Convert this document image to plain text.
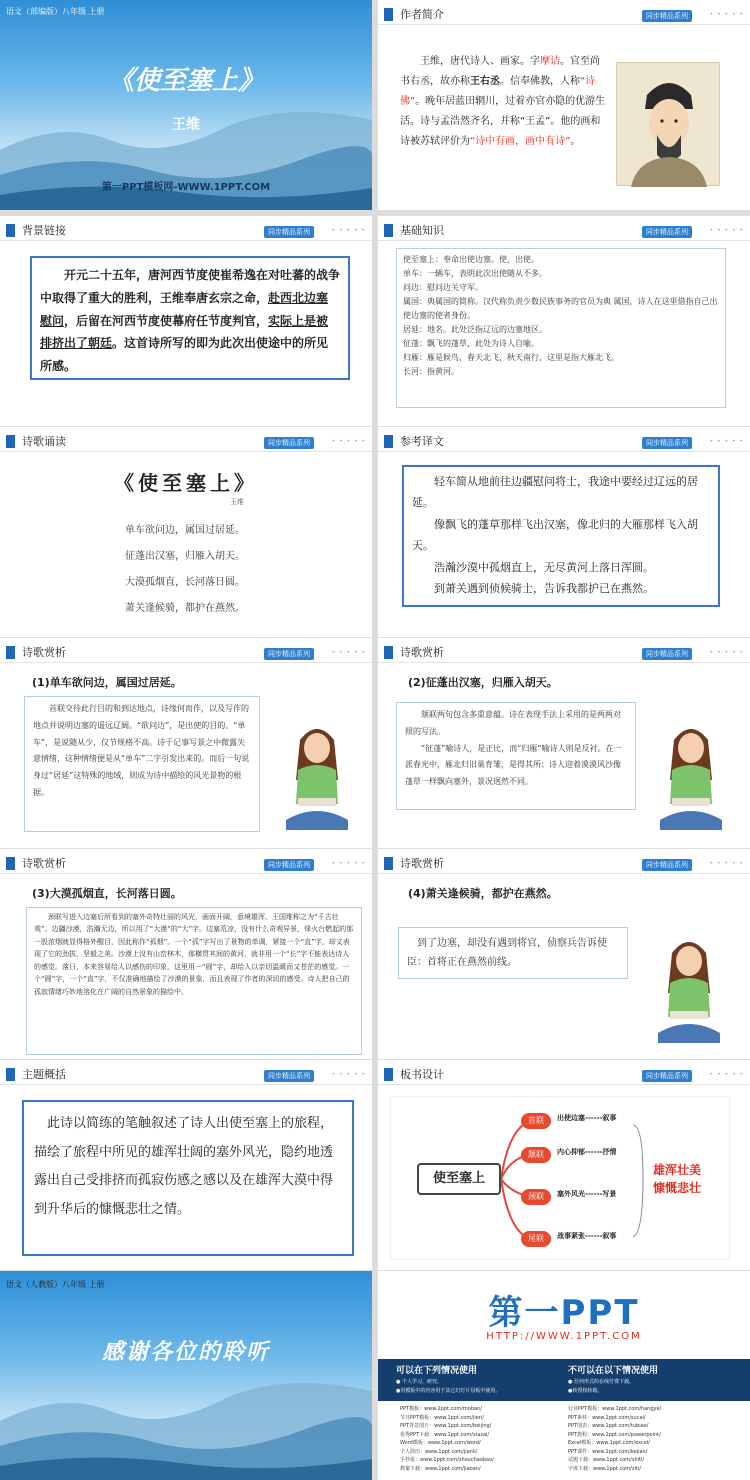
语文（部编版）八年级 上册
《使至塞上》
王维
第一PPT模板网-WWW.1PPT.COM
作者简介	同步精品系列	• • • • •
王维，唐代诗人、画家。字摩诘。官至尚书右丞，故亦称王右丞。信奉佛教，人称“诗佛”。晚年居蓝田辋川，过着亦官亦隐的优游生活。诗与孟浩然齐名，并称“王孟”。他的画和诗被苏轼评价为“诗中有画，画中有诗”。
背景链接	同步精品系列	• • • • •
开元二十五年，唐河西节度使崔希逸在对吐蕃的战争中取得了重大的胜利，王维奉唐玄宗之命，赴西北边塞慰问，后留在河西节度使幕府任节度判官，实际上是被排挤出了朝廷。这首诗所写的即为此次出使途中的所见所感。
基础知识	同步精品系列	• • • • •
使至塞上：奉命出使边塞。使，出使。
单车：一辆车，表明此次出使随从不多。
问边：慰问边关守军。
属国：典属国的简称。汉代称负责少数民族事务的官员为典 属国，诗人在这里借指自己出使边塞的使者身份。
居延：地名。此处泛指辽远的边塞地区。
征蓬：飘飞的蓬草，此处为诗人自喻。
归雁：雁是候鸟，春天北飞，秋天南行，这里是指大雁北飞。
长河：指黄河。
诗歌诵读	同步精品系列	• • • • •
《使至塞上》
王维
单车欲问边，属国过居延。
征蓬出汉塞，归雁入胡天。
大漠孤烟直，长河落日圆。
萧关逢候骑，都护在燕然。
参考译文	同步精品系列	• • • • •
轻车简从地前往边疆慰问将士，我途中要经过辽远的居延。
像飘飞的蓬草那样飞出汉塞，像北归的大雁那样飞入胡天。
浩瀚沙漠中孤烟直上，无尽黄河上落日浑圆。
到萧关遇到侦候骑士，告诉我都护已在燕然。
诗歌赏析	同步精品系列	• • • • •
(1)单车欲问边，属国过居延。
首联交待此行目的和到达地点，诗缘何而作，以及写作的地点并说明边塞的遥远辽阔。“欲问边”，是出使的目的。“单车”，是说随从少，仪节规格不高。诗于记事写景之中微露失意情绪，这种情绪便是从“单车”二字引发出来的。而后一句说身过“居延”这特殊的地域，则成为诗中描绘的风光景物的根据。
诗歌赏析	同步精品系列	• • • • •
(2)征蓬出汉塞，归雁入胡天。
颔联两句包含多重意蕴。诗在表现手法上采用的是两两对照的写法。
“征蓬”喻诗人，是正比，而“归雁”喻诗人则是反衬。在一派春光中，雁北归旧巢育雏，是得其所；诗人迎着漠漠风沙像蓬草一样飘向塞外，景况迥然不同。
诗歌赏析	同步精品系列	• • • • •
(3)大漠孤烟直，长河落日圆。
颈联写进入边塞后所看到的塞外奇特壮丽的风光，画面开阔，意境雄浑，王国维称之为“千古壮观”。边疆沙漠，浩瀚无边，所以用了“大漠”的“大”字。边塞荒凉，没有什么奇观异景，烽火台燃起的那一股浓烟就显得格外醒目，因此称作“孤烟”。一个“孤”字写出了景物的单调，紧接一个“直”字，却又表现了它的劲拔、坚毅之美。沙漠上没有山峦林木，那横贯其间的黄河，就非用一个“长”字不能表达诗人的感觉。落日，本来容易给人以感伤的印象，这里用一“圆”字，却给人以亲切温暖而又苍茫的感觉。一个“圆”字，一个“直”字，不仅准确地描绘了沙漠的景象，而且表现了作者的深切的感受。诗人把自己的孤寂情绪巧妙地溶化在广阔的自然景象的描绘中。
诗歌赏析	同步精品系列	• • • • •
(4)萧关逢候骑，都护在燕然。
到了边塞，却没有遇到将官，侦察兵告诉使臣：首将正在燕然前线。
主题概括	同步精品系列	• • • • •
此诗以简练的笔触叙述了诗人出使至塞上的旅程，描绘了旅程中所见的雄浑壮阔的塞外风光，隐约地透露出自己受排挤而孤寂伤感之感以及在雄浑大漠中得到升华后的慷慨悲壮之情。
板书设计	同步精品系列	• • • • •
使至塞上
首联	出使边塞------叙事
颔联	内心抑郁------抒情
颈联	塞外风光------写景
尾联	战事紧张------叙事
雄浑壮美
慷慨悲壮
语文（人教版）八年级 上册
感谢各位的聆听
第一PPT
HTTP://WWW.1PPT.COM
可以在下列情况使用
● 个人学习、研究。
●用模板中的内容用于其它幻灯片母板中使用。
不可以在以下情况使用
● 任何形式的在线付费下载。
●转授权转载。
PPT模板：www.1ppt.com/moban/
节日PPT模板：www.1ppt.com/jieri/
PPT背景图片：www.1ppt.com/beijing/
优秀PPT下载：www.1ppt.com/xiazai/
Word模板：www.1ppt.com/word/
个人简历：www.1ppt.com/jianli/
手抄报：www.1ppt.com/shouchaobao/
教案下载：www.1ppt.com/jiaoan/
行业PPT模板：www.1ppt.com/hangye/
PPT素材：www.1ppt.com/sucai/
PPT图表：www.1ppt.com/tubiao/
PPT教程：www.1ppt.com/powerpoint/
Excel模板：www.1ppt.com/excel/
PPT课件：www.1ppt.com/kejian/
试题下载：www.1ppt.com/shiti/
字体下载：www.1ppt.com/ziti/
